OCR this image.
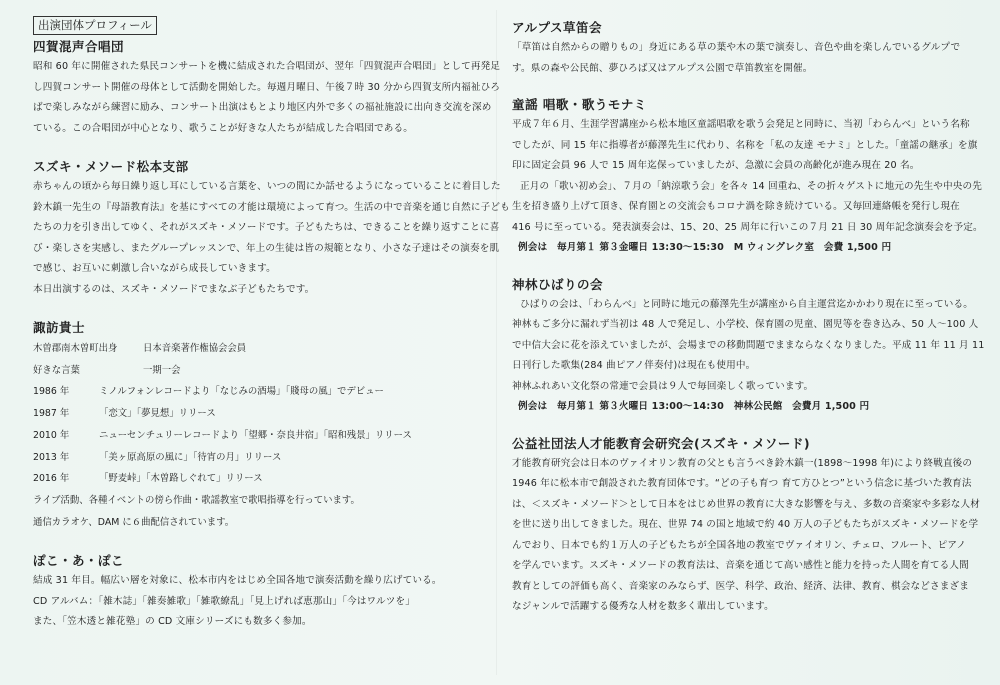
出演団体プロフィール
四賀混声合唱団

昭和 60 年に開催された県民コンサートを機に結成された合唱団が、翌年「四賀混声合唱団」として再発足
し四賀コンサート開催の母体として活動を開始した。毎週月曜日、午後７時 30 分から四賀支所内福祉ひろ
ばで楽しみながら練習に励み、コンサート出演はもとより地区内外で多くの福祉施設に出向き交流を深め
ている。この合唱団が中心となり、歌うことが好きな人たちが結成した合唱団である。

スズキ・メソード松本支部

赤ちゃんの頃から毎日繰り返し耳にしている言葉を、いつの間にか話せるようになっていることに着目した
鈴木鎮一先生の『母語教育法』を基にすべての才能は環境によって育つ。生活の中で音楽を通じ自然に子ども
たちの力を引き出してゆく、それがスズキ・メソードです。子どもたちは、できることを繰り返すことに喜
び・楽しさを実感し、またグループレッスンで、年上の生徒は皆の規範となり、小さな子達はその演奏を肌
で感じ、お互いに刺激し合いながら成長していきます。
本日出演するのは、スズキ・メソードでまなぶ子どもたちです。

諏訪貴士
木曽郡南木曽町出身	日本音楽著作権協会会員
好きな言葉	一期一会
1986 年	ミノルフォンレコードより「なじみの酒場」「賤母の風」でデビュー
1987 年	「恋文」「夢見想」リリース
2010 年	ニューセンチュリーレコードより「望郷・奈良井宿」「昭和残景」リリース
2013 年	「美ヶ原高原の風に」「待宵の月」リリース
2016 年	「野麦峠」「木曽路しぐれて」リリース
ライブ活動、各種イベントの傍ら作曲・歌謡教室で歌唱指導を行っています。
通信カラオケ、DAM に６曲配信されています。
ぽこ・あ・ぽこ

結成 31 年目。幅広い層を対象に、松本市内をはじめ全国各地で演奏活動を繰り広げている。
CD アルバム：「雑木誌」「雑奏雑歌」「雑歌繚乱」「見上げれば恵那山」「今はワルツを」
また、「笠木透と雑花塾」の CD 文庫シリーズにも数多く参加。

アルプス草笛会

「草笛は自然からの贈りもの」身近にある草の葉や木の葉で演奏し、音色や曲を楽しんでいるグルプで
す。県の森や公民館、夢ひろば又はアルプス公園で草笛教室を開催。

童謡 唱歌・歌うモナミ

平成７年６月、生涯学習講座から松本地区童謡唱歌を歌う会発足と同時に、当初「わらんべ」という名称
でしたが、同 15 年に指導者が藤澤先生に代わり、名称を「私の友達 モナミ」とした。「童謡の継承」を旗
印に固定会員 96 人で 15 周年迄保っていましたが、急激に会員の高齢化が進み現在 20 名。
正月の「歌い初め会」、７月の「納涼歌う会」を各々 14 回重ね、その折々ゲストに地元の先生や中央の先
生を招き盛り上げて頂き、保育園との交流会もコロナ渦を除き続けている。又毎回連絡帳を発行し現在
416 号に至っている。発表演奏会は、15、20、25 周年に行いこの７月 21 日 30 周年記念演奏会を予定。
例会は　毎月第１ 第３金曜日 13:30～15:30　M ウィングレク室　会費 1,500 円

神林ひばりの会

ひばりの会は、「わらんべ」と同時に地元の藤澤先生が講座から自主運営迄かかわり現在に至っている。
神林もご多分に漏れず当初は 48 人で発足し、小学校、保育園の児童、園児等を巻き込み、50 人～100 人
で中信大会に花を添えていましたが、会場までの移動問題でままならなくなりました。平成 11 年 11 月 11
日刊行した歌集(284 曲ピアノ伴奏付)は現在も使用中。
神林ふれあい文化祭の常連で会員は９人で毎回楽しく歌っています。
例会は　毎月第１ 第３火曜日 13:00～14:30　神林公民館　会費月 1,500 円

公益社団法人才能教育会研究会(スズキ・メソード)

才能教育研究会は日本のヴァイオリン教育の父とも言うべき鈴木鎮一(1898～1998 年)により終戦直後の
1946 年に松本市で創設された教育団体です。“どの子も育つ 育て方ひとつ”という信念に基づいた教育法
は、＜スズキ・メソード＞として日本をはじめ世界の教育に大きな影響を与え、多数の音楽家や多彩な人材
を世に送り出してきました。現在、世界 74 の国と地域で約 40 万人の子どもたちがスズキ・メソードを学
んでおり、日本でも約１万人の子どもたちが全国各地の教室でヴァイオリン、チェロ、フルート、ピアノ
を学んでいます。スズキ・メソードの教育法は、音楽を通じて高い感性と能力を持った人間を育てる人間
教育としての評価も高く、音楽家のみならず、医学、科学、政治、経済、法律、教育、棋会などさまざま
なジャンルで活躍する優秀な人材を数多く輩出しています。
